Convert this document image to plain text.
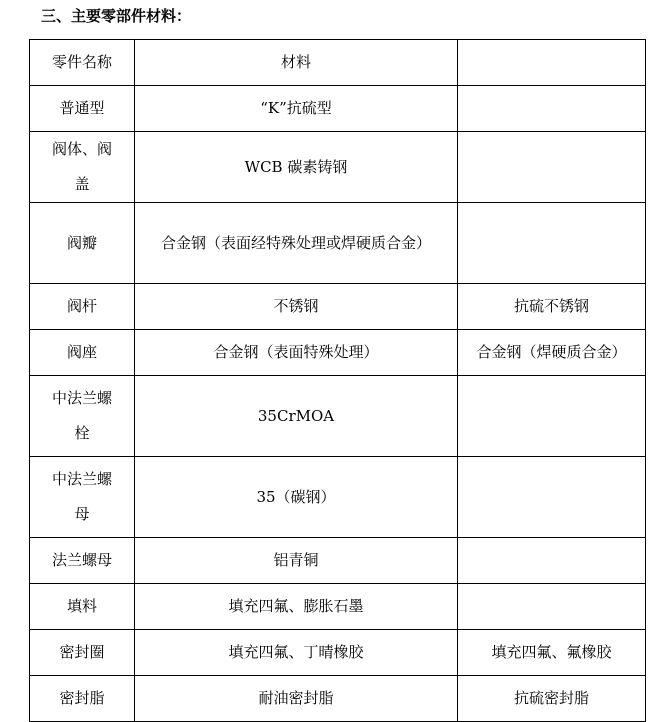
三、主要零部件材料：
零件名称	材料	
普通型	“K”抗硫型	
阀体、阀盖	WCB 碳素铸钢	
阀瓣	合金钢（表面经特殊处理或焊硬质合金）	
阀杆	不锈钢	抗硫不锈钢
阀座	合金钢（表面特殊处理）	合金钢（焊硬质合金）
中法兰螺栓	35CrMOA	
中法兰螺母	35（碳钢）	
法兰螺母	铝青铜	
填料	填充四氟、膨胀石墨	
密封圈	填充四氟、丁晴橡胶	填充四氟、氟橡胶
密封脂	耐油密封脂	抗硫密封脂
